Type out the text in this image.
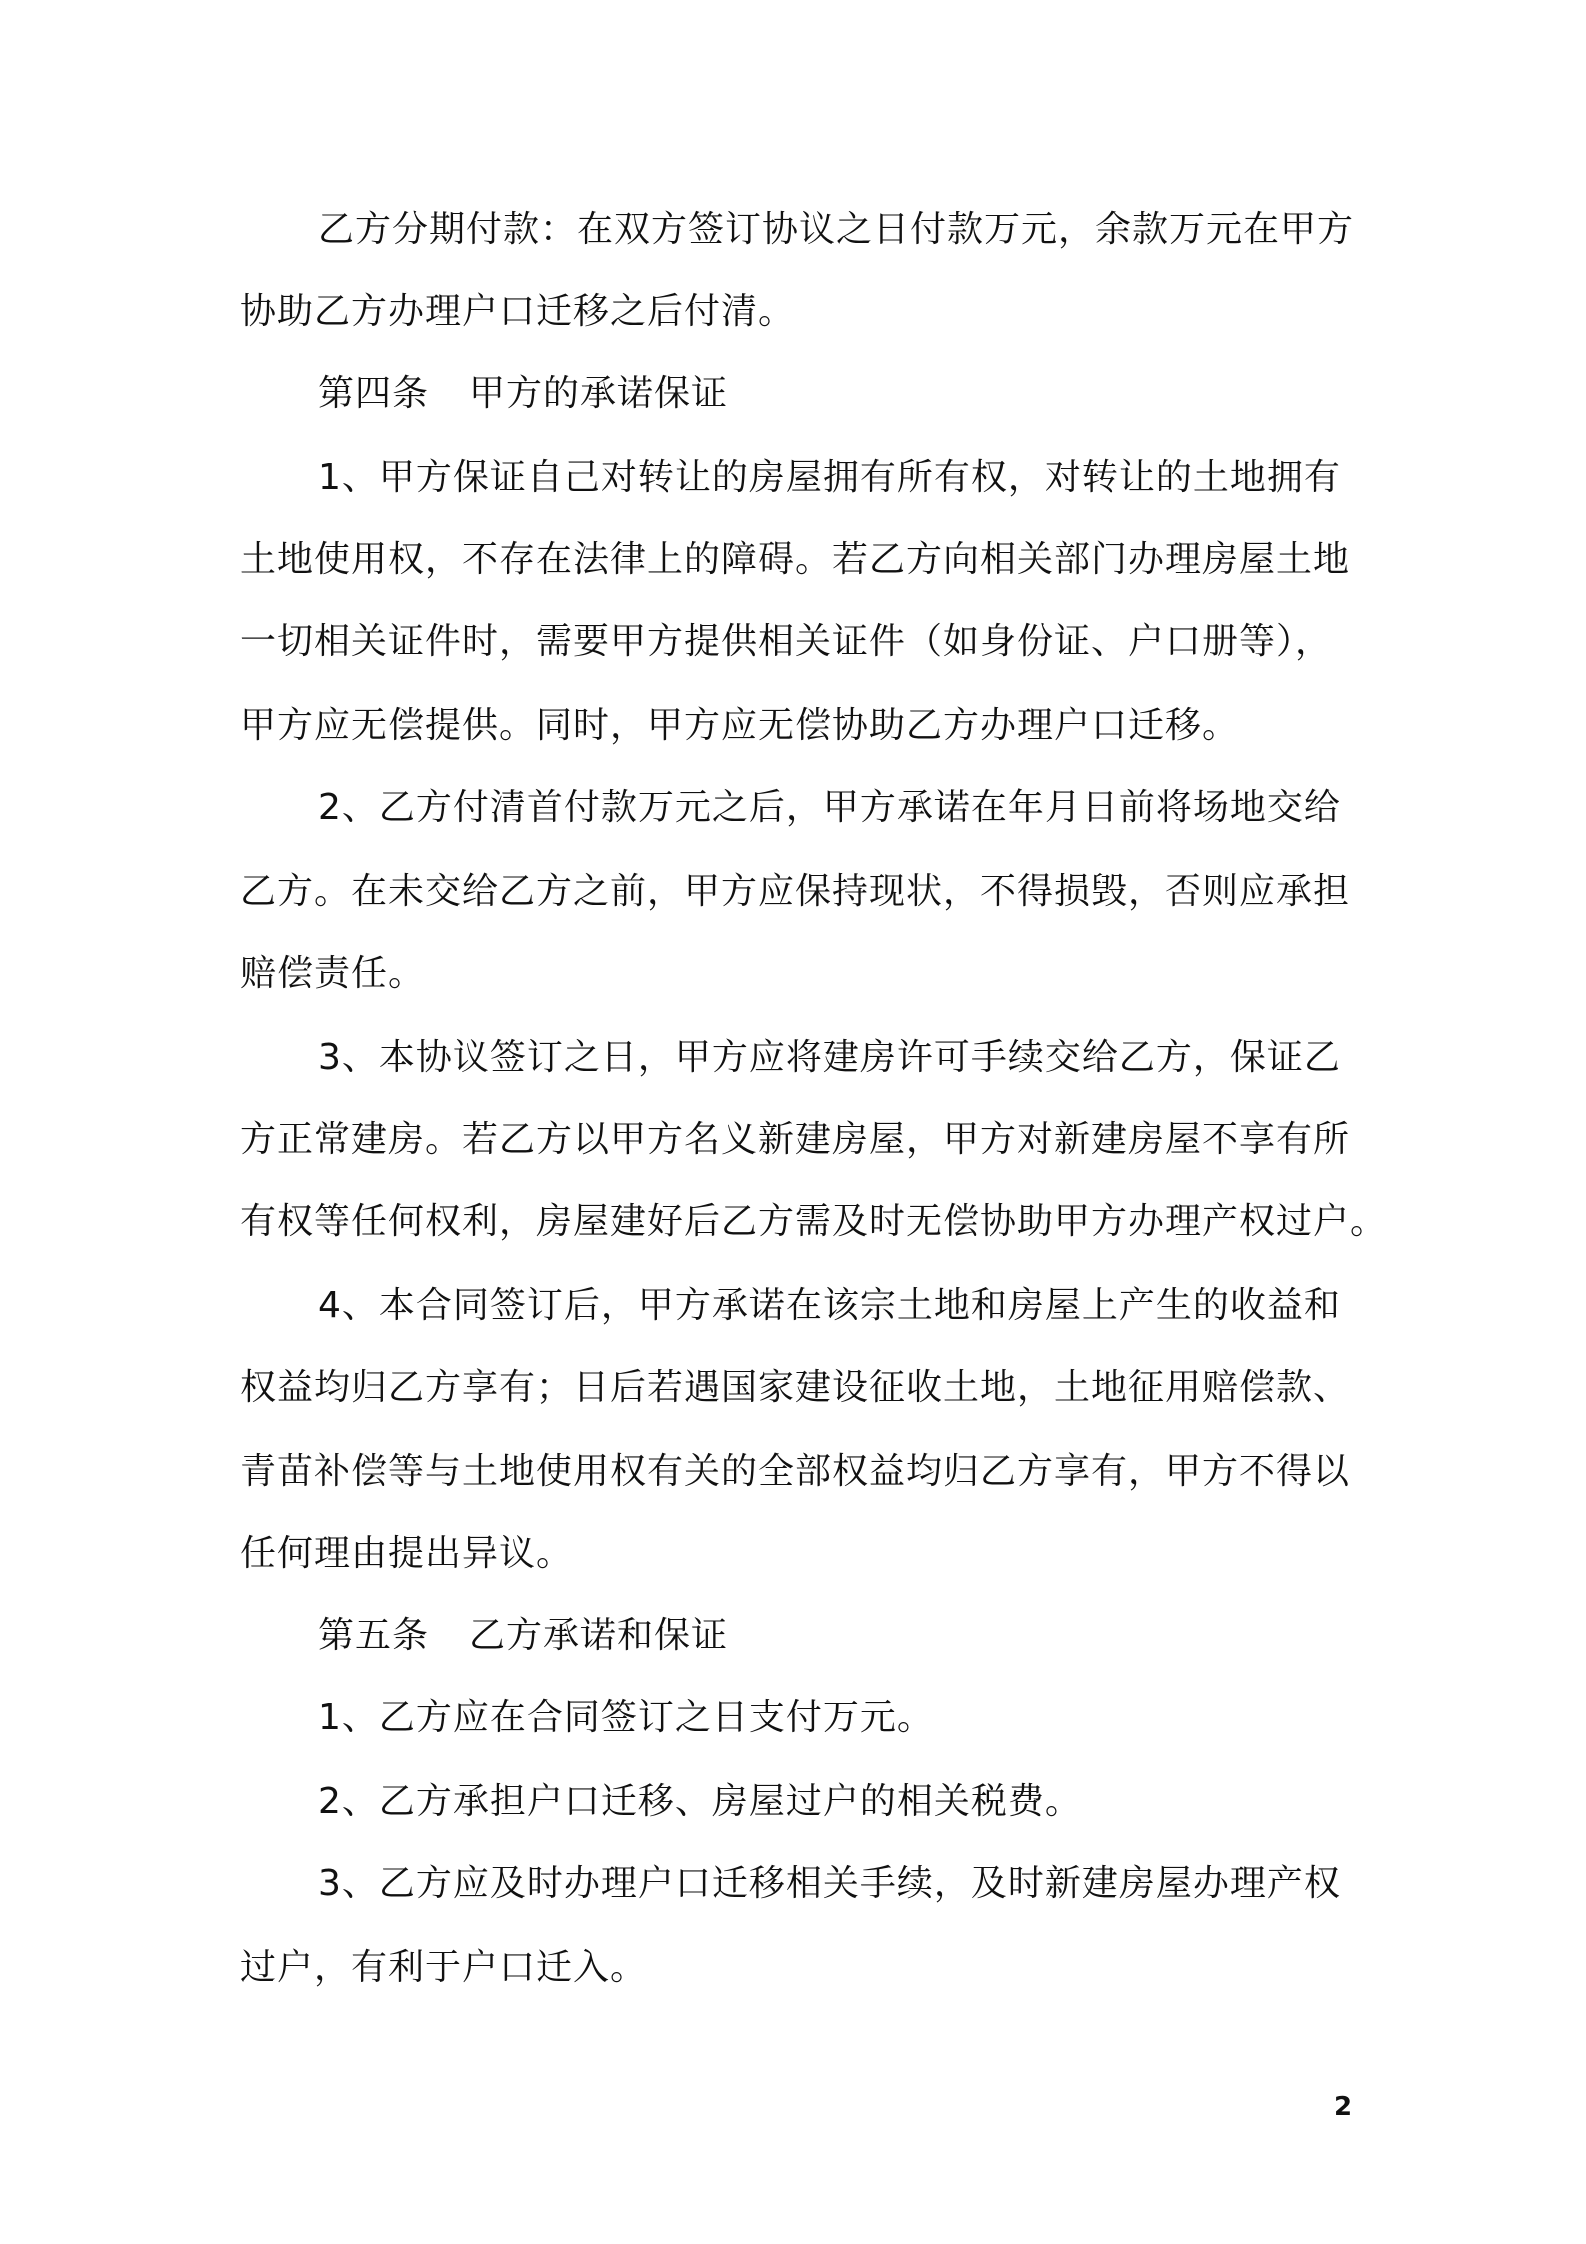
乙方分期付款：在双方签订协议之日付款万元，余款万元在甲方
协助乙方办理户口迁移之后付清。
第四条 甲方的承诺保证
1、甲方保证自己对转让的房屋拥有所有权，对转让的土地拥有
土地使用权，不存在法律上的障碍。若乙方向相关部门办理房屋土地
一切相关证件时，需要甲方提供相关证件（如身份证、户口册等），
甲方应无偿提供。同时，甲方应无偿协助乙方办理户口迁移。
2、乙方付清首付款万元之后，甲方承诺在年月日前将场地交给
乙方。在未交给乙方之前，甲方应保持现状，不得损毁，否则应承担
赔偿责任。
3、本协议签订之日，甲方应将建房许可手续交给乙方，保证乙
方正常建房。若乙方以甲方名义新建房屋，甲方对新建房屋不享有所
有权等任何权利，房屋建好后乙方需及时无偿协助甲方办理产权过户。
4、本合同签订后，甲方承诺在该宗土地和房屋上产生的收益和
权益均归乙方享有；日后若遇国家建设征收土地，土地征用赔偿款、
青苗补偿等与土地使用权有关的全部权益均归乙方享有，甲方不得以
任何理由提出异议。
第五条 乙方承诺和保证
1、乙方应在合同签订之日支付万元。
2、乙方承担户口迁移、房屋过户的相关税费。
3、乙方应及时办理户口迁移相关手续，及时新建房屋办理产权
过户，有利于户口迁入。
2
